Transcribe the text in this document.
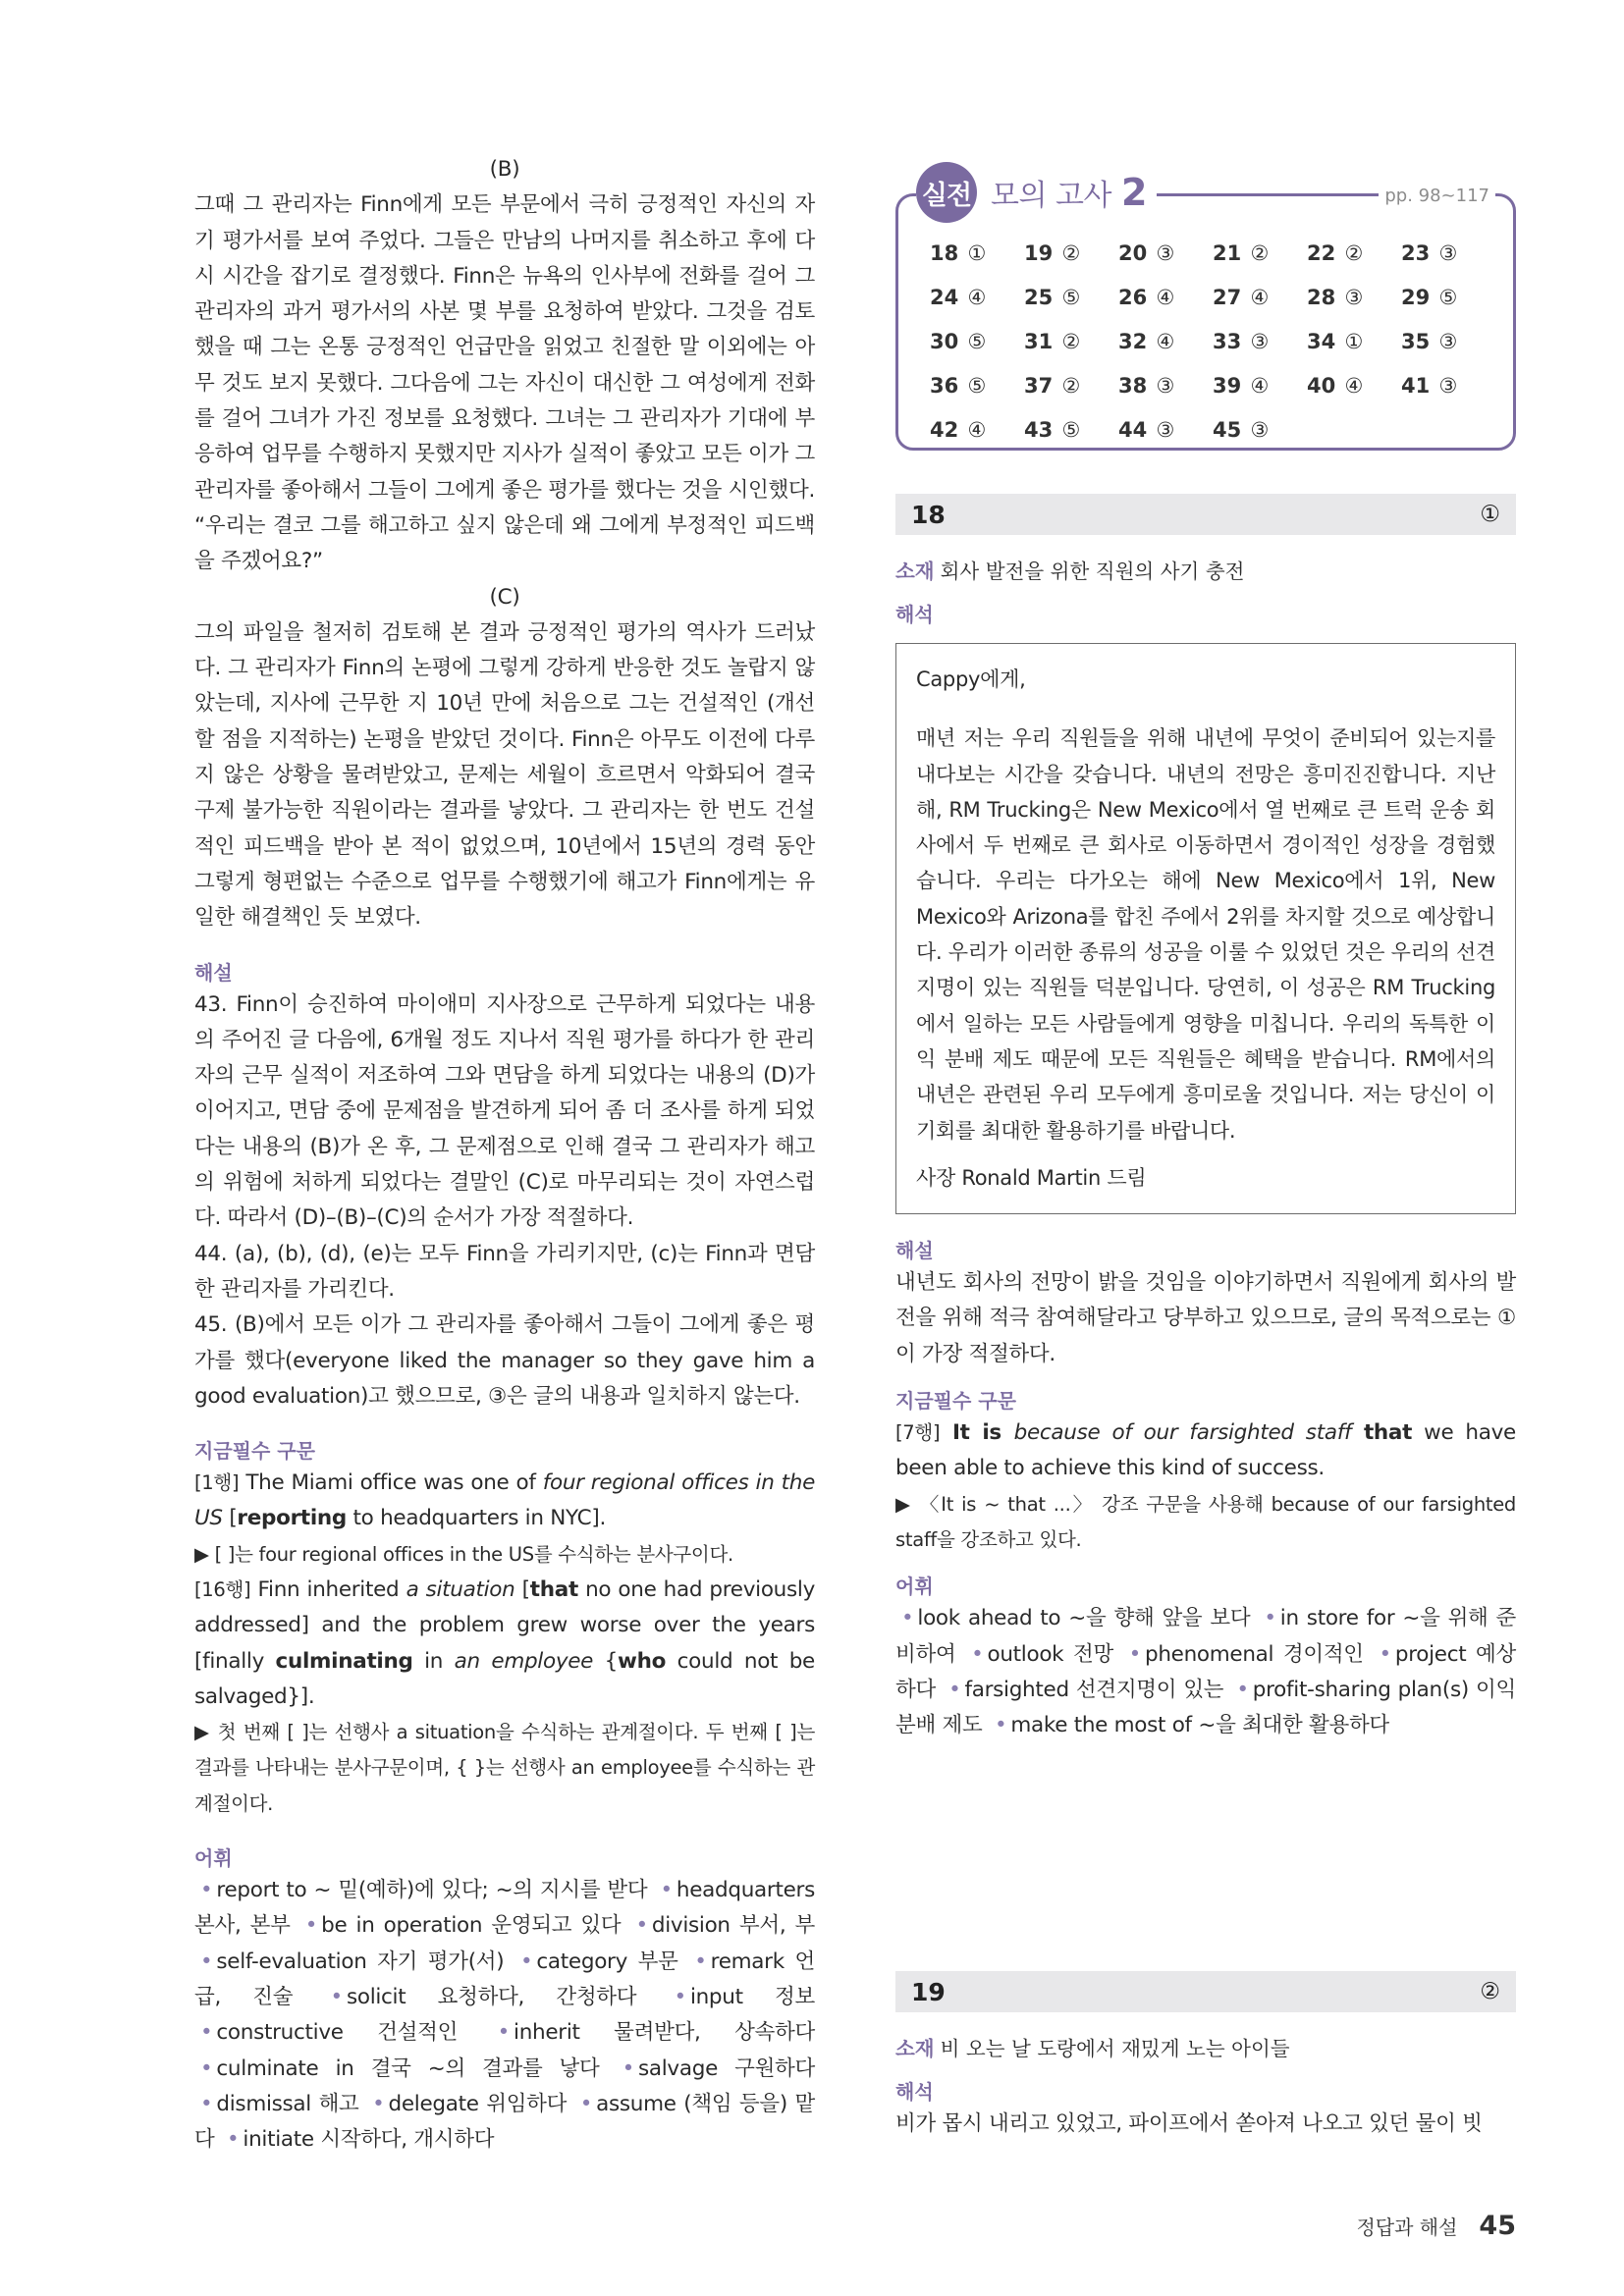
(B)

그때 그 관리자는 Finn에게 모든 부문에서 극히 긍정적인 자신의 자기 평가서를 보여 주었다. 그들은 만남의 나머지를 취소하고 후에 다시 시간을 잡기로 결정했다. Finn은 뉴욕의 인사부에 전화를 걸어 그 관리자의 과거 평가서의 사본 몇 부를 요청하여 받았다. 그것을 검토했을 때 그는 온통 긍정적인 언급만을 읽었고 친절한 말 이외에는 아무 것도 보지 못했다. 그다음에 그는 자신이 대신한 그 여성에게 전화를 걸어 그녀가 가진 정보를 요청했다. 그녀는 그 관리자가 기대에 부응하여 업무를 수행하지 못했지만 지사가 실적이 좋았고 모든 이가 그 관리자를 좋아해서 그들이 그에게 좋은 평가를 했다는 것을 시인했다. “우리는 결코 그를 해고하고 싶지 않은데 왜 그에게 부정적인 피드백을 주겠어요?”

(C)

그의 파일을 철저히 검토해 본 결과 긍정적인 평가의 역사가 드러났다. 그 관리자가 Finn의 논평에 그렇게 강하게 반응한 것도 놀랍지 않았는데, 지사에 근무한 지 10년 만에 처음으로 그는 건설적인 (개선할 점을 지적하는) 논평을 받았던 것이다. Finn은 아무도 이전에 다루지 않은 상황을 물려받았고, 문제는 세월이 흐르면서 악화되어 결국 구제 불가능한 직원이라는 결과를 낳았다. 그 관리자는 한 번도 건설적인 피드백을 받아 본 적이 없었으며, 10년에서 15년의 경력 동안 그렇게 형편없는 수준으로 업무를 수행했기에 해고가 Finn에게는 유일한 해결책인 듯 보였다.

해설

43. Finn이 승진하여 마이애미 지사장으로 근무하게 되었다는 내용의 주어진 글 다음에, 6개월 정도 지나서 직원 평가를 하다가 한 관리자의 근무 실적이 저조하여 그와 면담을 하게 되었다는 내용의 (D)가 이어지고, 면담 중에 문제점을 발견하게 되어 좀 더 조사를 하게 되었다는 내용의 (B)가 온 후, 그 문제점으로 인해 결국 그 관리자가 해고의 위험에 처하게 되었다는 결말인 (C)로 마무리되는 것이 자연스럽다. 따라서 (D)–(B)–(C)의 순서가 가장 적절하다.

44. (a), (b), (d), (e)는 모두 Finn을 가리키지만, (c)는 Finn과 면담한 관리자를 가리킨다.

45. (B)에서 모든 이가 그 관리자를 좋아해서 그들이 그에게 좋은 평가를 했다(everyone liked the manager so they gave him a good evaluation)고 했으므로, ③은 글의 내용과 일치하지 않는다.

지금필수 구문

[1행] The Miami office was one of four regional offices in the US [reporting to headquarters in NYC].

▶ [ ]는 four regional offices in the US를 수식하는 분사구이다.

[16행] Finn inherited a situation [that no one had previously addressed] and the problem grew worse over the years [finally culminating in an employee {who could not be salvaged}].

▶ 첫 번째 [ ]는 선행사 a situation을 수식하는 관계절이다. 두 번째 [ ]는 결과를 나타내는 분사구문이며, { }는 선행사 an employee를 수식하는 관계절이다.

어휘

• report to ~ 밑(예하)에 있다; ~의 지시를 받다 • headquarters 본사, 본부 • be in operation 운영되고 있다 • division 부서, 부 • self-evaluation 자기 평가(서) • category 부문 • remark 언급, 진술 • solicit 요청하다, 간청하다 • input 정보 • constructive 건설적인 • inherit 물려받다, 상속하다 • culminate in 결국 ~의 결과를 낳다 • salvage 구원하다 • dismissal 해고 • delegate 위임하다 • assume (책임 등을) 맡다 • initiate 시작하다, 개시하다

실전 모의 고사 2	pp. 98~117
18 ①	19 ②	20 ③	21 ②	22 ②	23 ③
24 ④	25 ⑤	26 ④	27 ④	28 ③	29 ⑤
30 ⑤	31 ②	32 ④	33 ③	34 ①	35 ③
36 ⑤	37 ②	38 ③	39 ④	40 ④	41 ③
42 ④	43 ⑤	44 ③	45 ③
18	①

소재 회사 발전을 위한 직원의 사기 충전

해석

Cappy에게,

매년 저는 우리 직원들을 위해 내년에 무엇이 준비되어 있는지를 내다보는 시간을 갖습니다. 내년의 전망은 흥미진진합니다. 지난 해, RM Trucking은 New Mexico에서 열 번째로 큰 트럭 운송 회사에서 두 번째로 큰 회사로 이동하면서 경이적인 성장을 경험했습니다. 우리는 다가오는 해에 New Mexico에서 1위, New Mexico와 Arizona를 합친 주에서 2위를 차지할 것으로 예상합니다. 우리가 이러한 종류의 성공을 이룰 수 있었던 것은 우리의 선견지명이 있는 직원들 덕분입니다. 당연히, 이 성공은 RM Trucking에서 일하는 모든 사람들에게 영향을 미칩니다. 우리의 독특한 이익 분배 제도 때문에 모든 직원들은 혜택을 받습니다. RM에서의 내년은 관련된 우리 모두에게 흥미로울 것입니다. 저는 당신이 이 기회를 최대한 활용하기를 바랍니다.

사장 Ronald Martin 드림

해설

내년도 회사의 전망이 밝을 것임을 이야기하면서 직원에게 회사의 발전을 위해 적극 참여해달라고 당부하고 있으므로, 글의 목적으로는 ①이 가장 적절하다.

지금필수 구문

[7행] It is because of our farsighted staff that we have been able to achieve this kind of success.

▶ 〈It is ~ that ...〉 강조 구문을 사용해 because of our farsighted staff을 강조하고 있다.

어휘

• look ahead to ~을 향해 앞을 보다 • in store for ~을 위해 준비하여 • outlook 전망 • phenomenal 경이적인 • project 예상하다 • farsighted 선견지명이 있는 • profit-sharing plan(s) 이익 분배 제도 • make the most of ~을 최대한 활용하다

19	②

소재 비 오는 날 도랑에서 재밌게 노는 아이들

해석

비가 몹시 내리고 있었고, 파이프에서 쏟아져 나오고 있던 물이 빗

정답과 해설 45
